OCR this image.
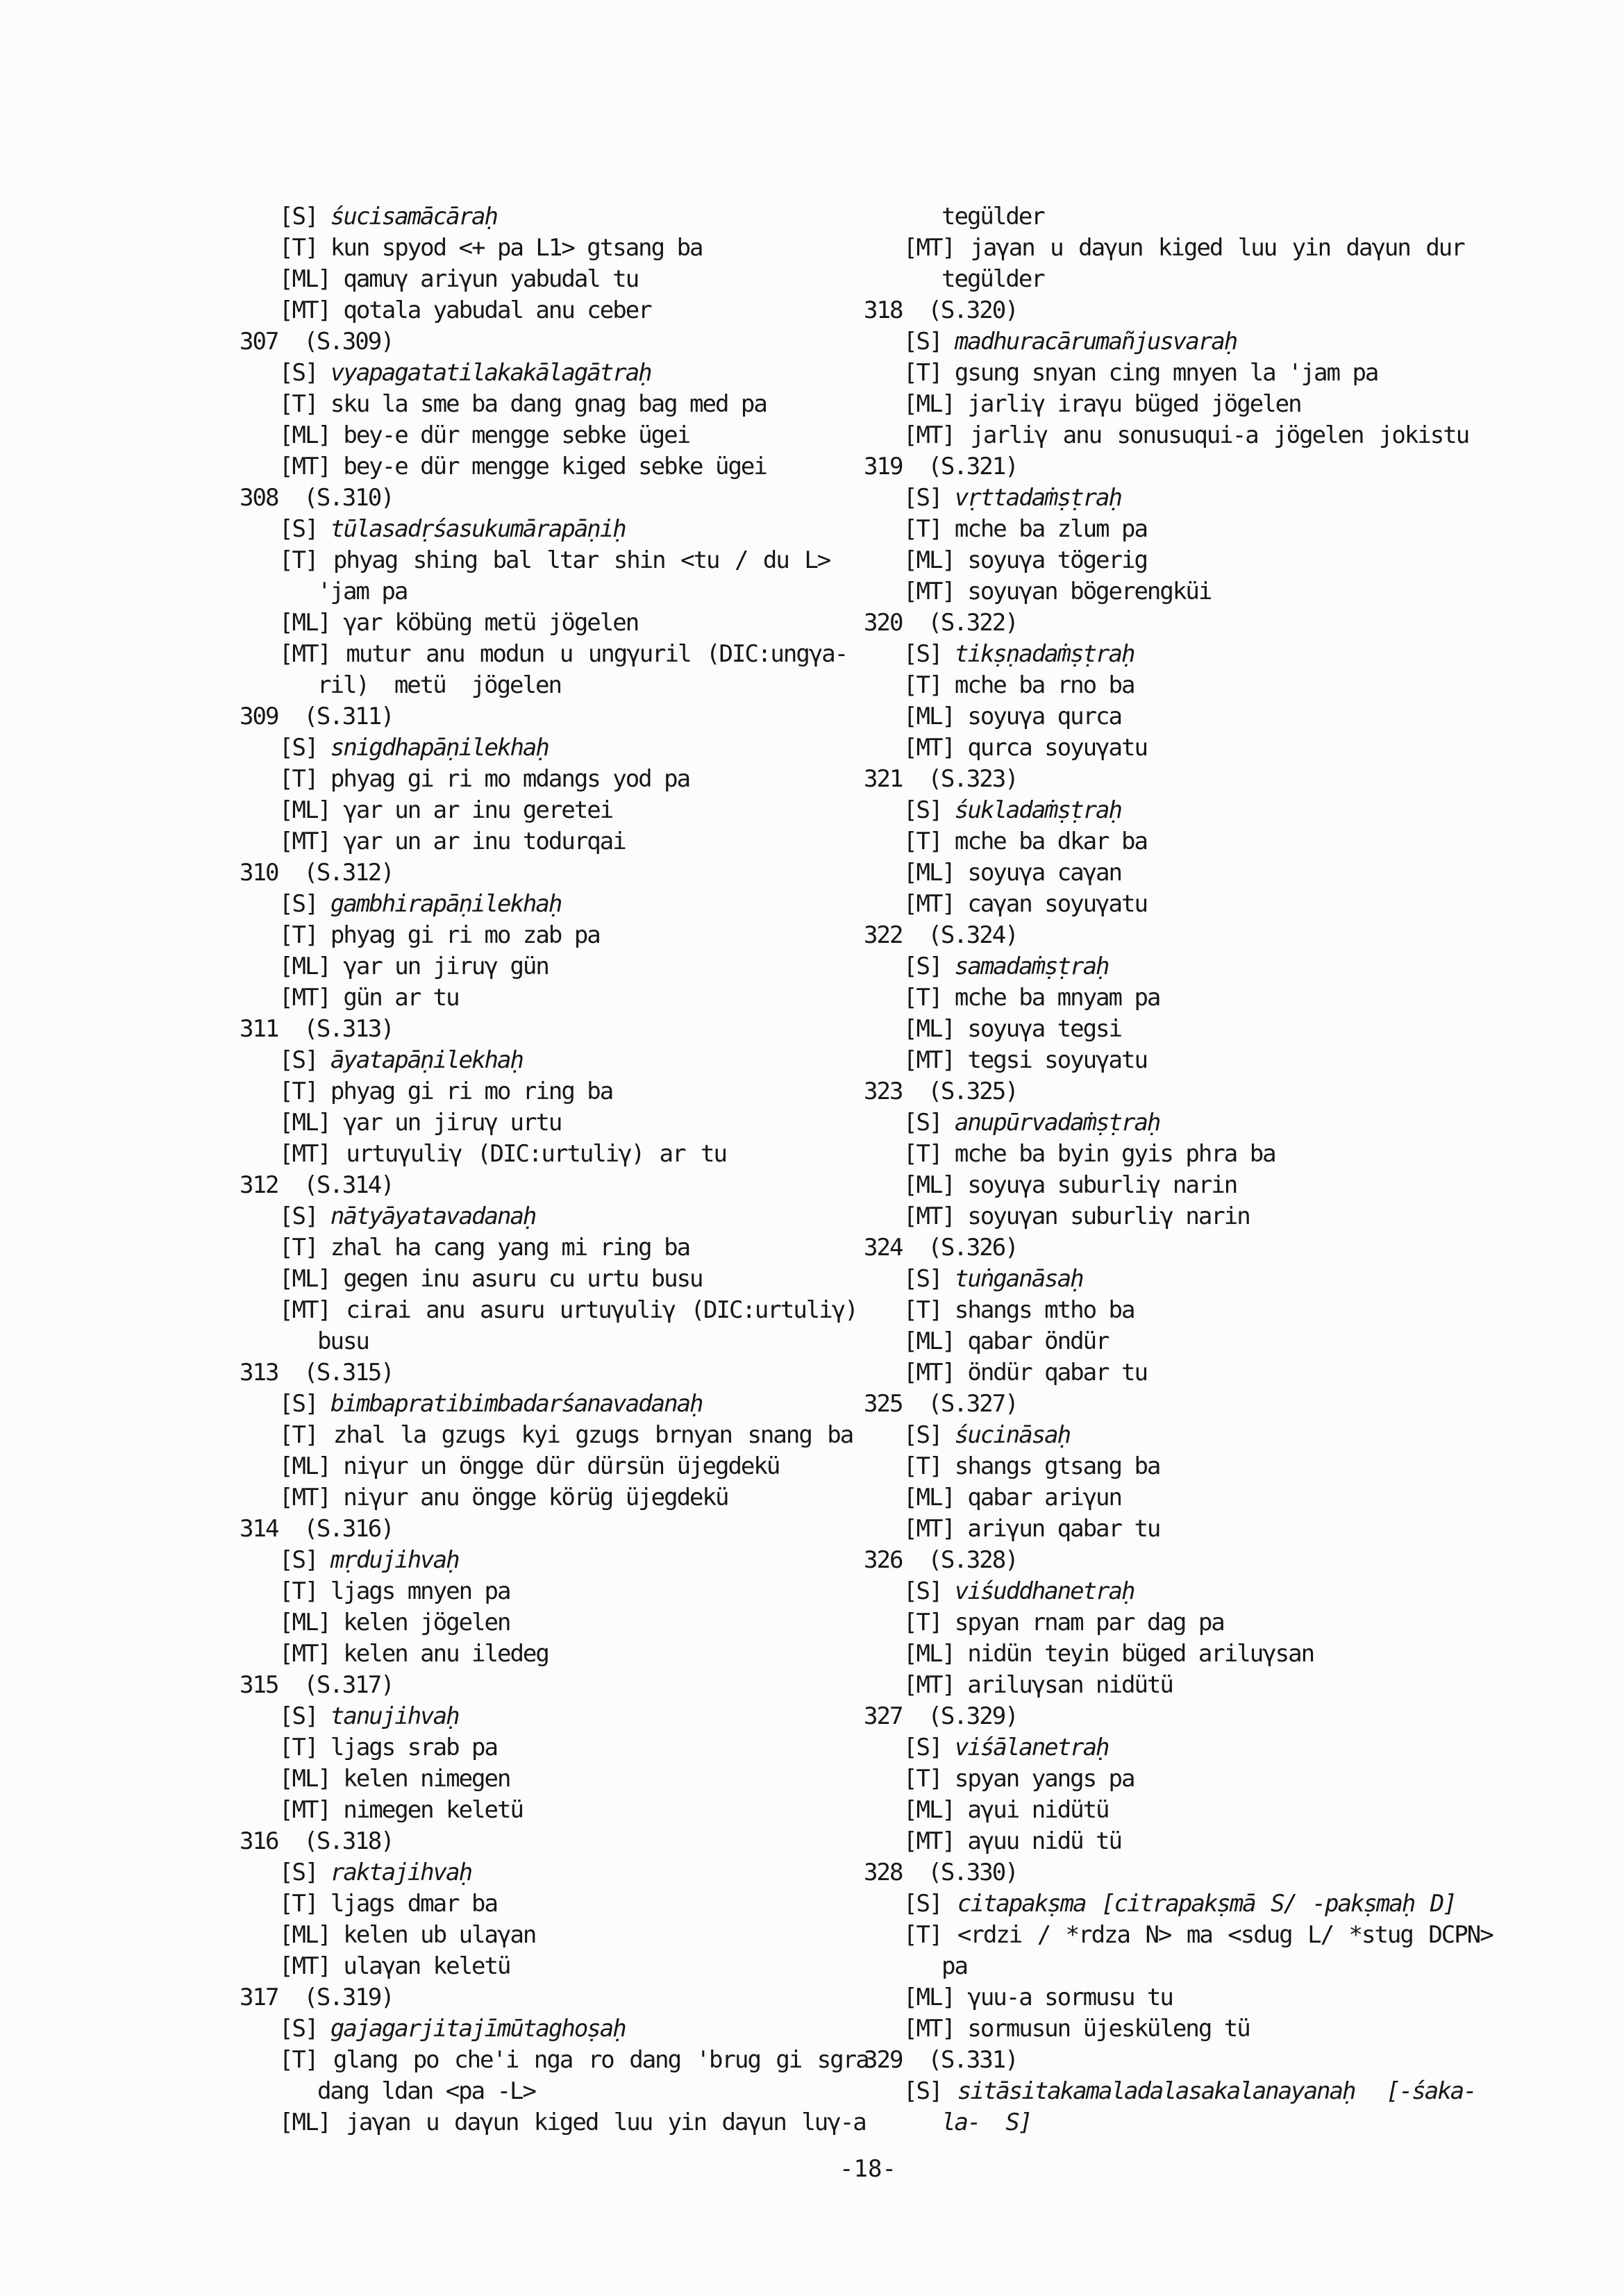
[S] śucisamācāraḥ
[T] kun spyod <+ pa L1> gtsang ba
[ML] qamuγ ariγun yabudal tu
[MT] qotala yabudal anu ceber
307  (S.309)
[S] vyapagatatilakakālagātraḥ
[T] sku la sme ba dang gnag bag med pa
[ML] bey-e dür mengge sebke ügei
[MT] bey-e dür mengge kiged sebke ügei
308  (S.310)
[S] tūlasadṛśasukumārapāṇiḥ
[T] phyag shing bal ltar shin <tu / du L>
'jam pa
[ML] γar köbüng metü jögelen
[MT] mutur anu modun u ungγuril (DIC:ungγa-
ril)  metü  jögelen
309  (S.311)
[S] snigdhapāṇilekhaḥ
[T] phyag gi ri mo mdangs yod pa
[ML] γar un ar inu geretei
[MT] γar un ar inu todurqai
310  (S.312)
[S] gambhirapāṇilekhaḥ
[T] phyag gi ri mo zab pa
[ML] γar un jiruγ gün
[MT] gün ar tu
311  (S.313)
[S] āyatapāṇilekhaḥ
[T] phyag gi ri mo ring ba
[ML] γar un jiruγ urtu
[MT] urtuγuliγ (DIC:urtuliγ) ar tu
312  (S.314)
[S] nātyāyatavadanaḥ
[T] zhal ha cang yang mi ring ba
[ML] gegen inu asuru cu urtu busu
[MT] cirai anu asuru urtuγuliγ (DIC:urtuliγ)
busu
313  (S.315)
[S] bimbapratibimbadarśanavadanaḥ
[T] zhal la gzugs kyi gzugs brnyan snang ba
[ML] niγur un öngge dür dürsün üjegdekü
[MT] niγur anu öngge körüg üjegdekü
314  (S.316)
[S] mṛdujihvaḥ
[T] ljags mnyen pa
[ML] kelen jögelen
[MT] kelen anu iledeg
315  (S.317)
[S] tanujihvaḥ
[T] ljags srab pa
[ML] kelen nimegen
[MT] nimegen keletü
316  (S.318)
[S] raktajihvaḥ
[T] ljags dmar ba
[ML] kelen ub ulaγan
[MT] ulaγan keletü
317  (S.319)
[S] gajagarjitajīmūtaghoṣaḥ
[T] glang po che'i nga ro dang 'brug gi sgra
dang ldan <pa -L>
[ML] jaγan u daγun kiged luu yin daγun luγ-a
tegülder
[MT] jaγan u daγun kiged luu yin daγun dur
tegülder
318  (S.320)
[S] madhuracārumañjusvaraḥ
[T] gsung snyan cing mnyen la 'jam pa
[ML] jarliγ iraγu büged jögelen
[MT] jarliγ anu sonusuqui-a jögelen jokistu
319  (S.321)
[S] vṛttadaṁṣṭraḥ
[T] mche ba zlum pa
[ML] soyuγa tögerig
[MT] soyuγan bögerengküi
320  (S.322)
[S] tikṣṇadaṁṣṭraḥ
[T] mche ba rno ba
[ML] soyuγa qurca
[MT] qurca soyuγatu
321  (S.323)
[S] śukladaṁṣṭraḥ
[T] mche ba dkar ba
[ML] soyuγa caγan
[MT] caγan soyuγatu
322  (S.324)
[S] samadaṁṣṭraḥ
[T] mche ba mnyam pa
[ML] soyuγa tegsi
[MT] tegsi soyuγatu
323  (S.325)
[S] anupūrvadaṁṣṭraḥ
[T] mche ba byin gyis phra ba
[ML] soyuγa suburliγ narin
[MT] soyuγan suburliγ narin
324  (S.326)
[S] tuṅganāsaḥ
[T] shangs mtho ba
[ML] qabar öndür
[MT] öndür qabar tu
325  (S.327)
[S] śucināsaḥ
[T] shangs gtsang ba
[ML] qabar ariγun
[MT] ariγun qabar tu
326  (S.328)
[S] viśuddhanetraḥ
[T] spyan rnam par dag pa
[ML] nidün teyin büged ariluγsan
[MT] ariluγsan nidütü
327  (S.329)
[S] viśālanetraḥ
[T] spyan yangs pa
[ML] aγui nidütü
[MT] aγuu nidü tü
328  (S.330)
[S] citapakṣma [citrapakṣmā S/ -pakṣmaḥ D]
[T] <rdzi / *rdza N> ma <sdug L/ *stug DCPN>
pa
[ML] γuu-a sormusu tu
[MT] sormusun üjesküleng tü
329  (S.331)
[S] sitāsitakamaladalasakalanayanaḥ  [-śaka-
la-  S]
-18-
